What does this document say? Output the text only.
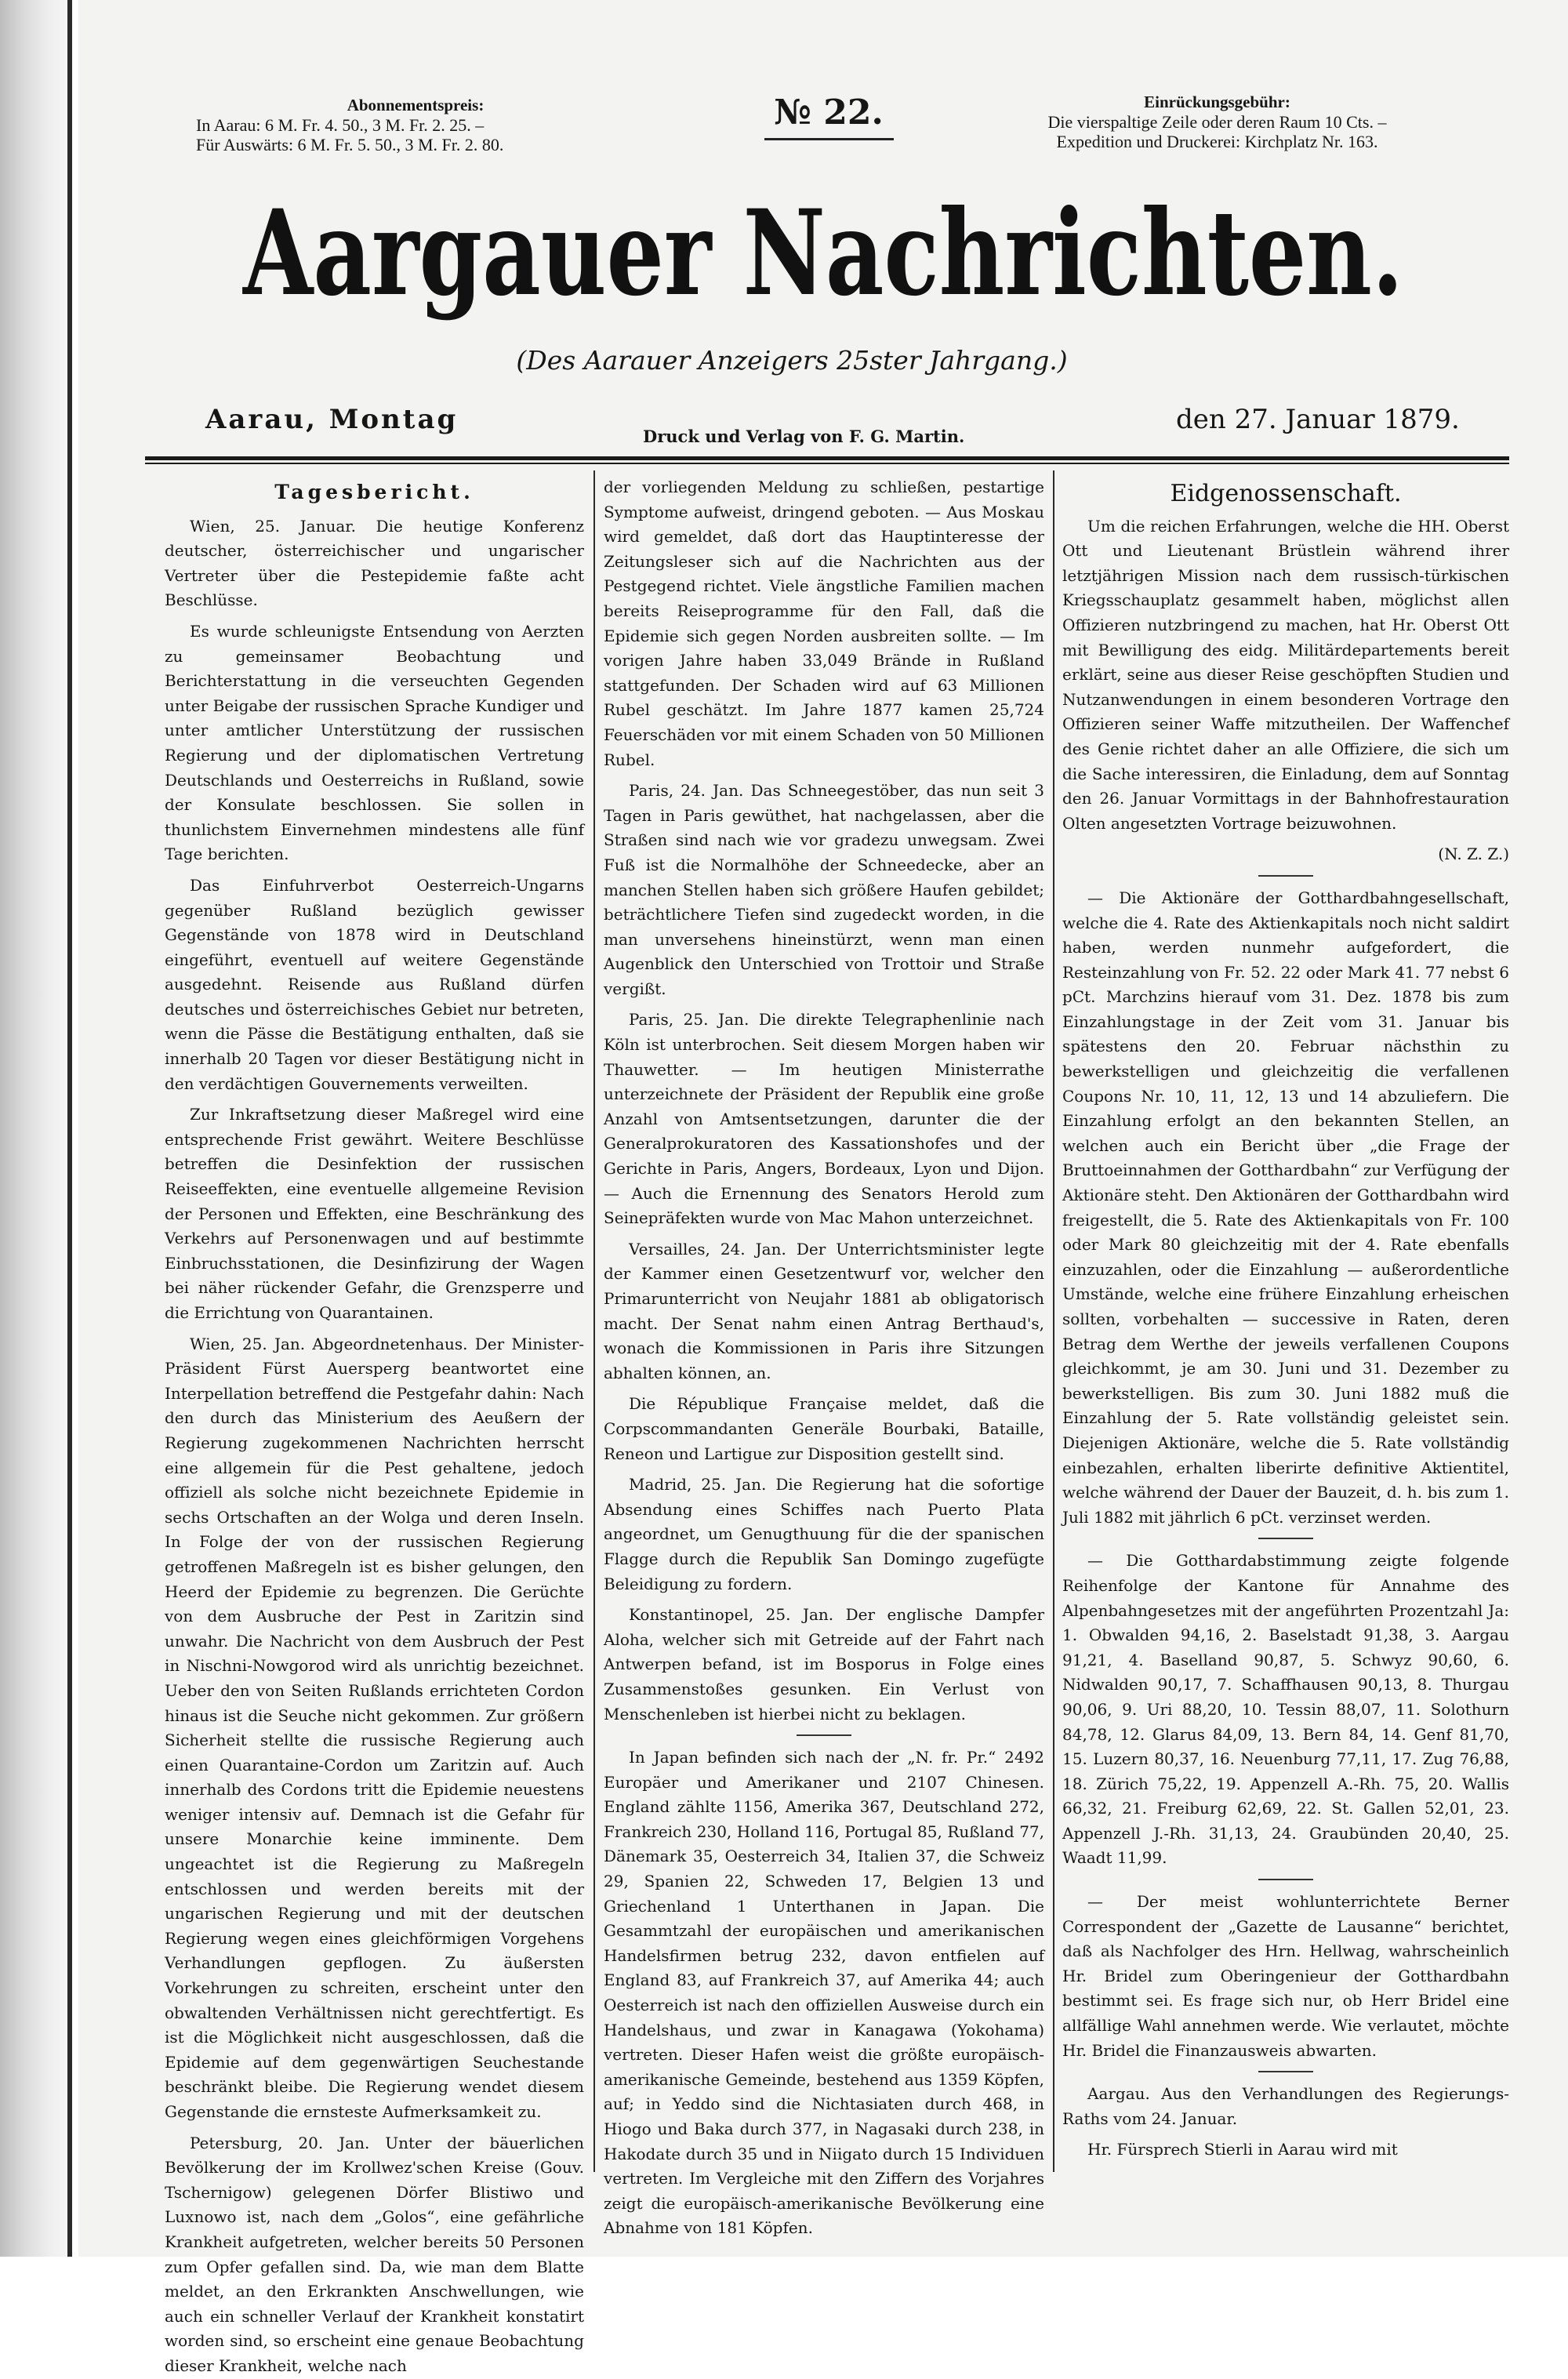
Abonnementspreis:
In Aarau: 6 M. Fr. 4. 50., 3 M. Fr. 2. 25. –
Für Auswärts: 6 M. Fr. 5. 50., 3 M. Fr. 2. 80.
№ 22.	Einrückungsgebühr:
Die vierspaltige Zeile oder deren Raum 10 Cts. –
Expedition und Druckerei: Kirchplatz Nr. 163.
Aargauer Nachrichten.
(Des Aarauer Anzeigers 25ster Jahrgang.)
Aarau, Montag
Druck und Verlag von F. G. Martin.
den 27. Januar 1879.

Tagesbericht.

Wien, 25. Januar. Die heutige Konferenz deutscher, österreichischer und ungarischer Vertreter über die Pestepidemie faßte acht Beschlüsse.

Es wurde schleunigste Entsendung von Aerzten zu gemeinsamer Beobachtung und Berichterstattung in die verseuchten Gegenden unter Beigabe der russischen Sprache Kundiger und unter amtlicher Unterstützung der russischen Regierung und der diplomatischen Vertretung Deutschlands und Oesterreichs in Rußland, sowie der Konsulate beschlossen. Sie sollen in thunlichstem Einvernehmen mindestens alle fünf Tage berichten.

Das Einfuhrverbot Oesterreich-Ungarns gegenüber Rußland bezüglich gewisser Gegenstände von 1878 wird in Deutschland eingeführt, eventuell auf weitere Gegenstände ausgedehnt. Reisende aus Rußland dürfen deutsches und österreichisches Gebiet nur betreten, wenn die Pässe die Bestätigung enthalten, daß sie innerhalb 20 Tagen vor dieser Bestätigung nicht in den verdächtigen Gouvernements verweilten.

Zur Inkraftsetzung dieser Maßregel wird eine entsprechende Frist gewährt. Weitere Beschlüsse betreffen die Desinfektion der russischen Reiseeffekten, eine eventuelle allgemeine Revision der Personen und Effekten, eine Beschränkung des Verkehrs auf Personenwagen und auf bestimmte Einbruchsstationen, die Desinfizirung der Wagen bei näher rückender Gefahr, die Grenzsperre und die Errichtung von Quarantainen.

Wien, 25. Jan. Abgeordnetenhaus. Der Minister-Präsident Fürst Auersperg beantwortet eine Interpellation betreffend die Pestgefahr dahin: Nach den durch das Ministerium des Aeußern der Regierung zugekommenen Nachrichten herrscht eine allgemein für die Pest gehaltene, jedoch offiziell als solche nicht bezeichnete Epidemie in sechs Ortschaften an der Wolga und deren Inseln. In Folge der von der russischen Regierung getroffenen Maßregeln ist es bisher gelungen, den Heerd der Epidemie zu begrenzen. Die Gerüchte von dem Ausbruche der Pest in Zaritzin sind unwahr. Die Nachricht von dem Ausbruch der Pest in Nischni-Nowgorod wird als unrichtig bezeichnet. Ueber den von Seiten Rußlands errichteten Cordon hinaus ist die Seuche nicht gekommen. Zur größern Sicherheit stellte die russische Regierung auch einen Quarantaine-Cordon um Zaritzin auf. Auch innerhalb des Cordons tritt die Epidemie neuestens weniger intensiv auf. Demnach ist die Gefahr für unsere Monarchie keine imminente. Dem ungeachtet ist die Regierung zu Maßregeln entschlossen und werden bereits mit der ungarischen Regierung und mit der deutschen Regierung wegen eines gleichförmigen Vorgehens Verhandlungen gepflogen. Zu äußersten Vorkehrungen zu schreiten, erscheint unter den obwaltenden Verhältnissen nicht gerechtfertigt. Es ist die Möglichkeit nicht ausgeschlossen, daß die Epidemie auf dem gegenwärtigen Seuchestande beschränkt bleibe. Die Regierung wendet diesem Gegenstande die ernsteste Aufmerksamkeit zu.

Petersburg, 20. Jan. Unter der bäuerlichen Bevölkerung der im Krollwez'schen Kreise (Gouv. Tschernigow) gelegenen Dörfer Blistiwo und Luxnowo ist, nach dem „Golos“, eine gefährliche Krankheit aufgetreten, welcher bereits 50 Personen zum Opfer gefallen sind. Da, wie man dem Blatte meldet, an den Erkrankten Anschwellungen, wie auch ein schneller Verlauf der Krankheit konstatirt worden sind, so erscheint eine genaue Beobachtung dieser Krankheit, welche nach

der vorliegenden Meldung zu schließen, pestartige Symptome aufweist, dringend geboten. — Aus Moskau wird gemeldet, daß dort das Hauptinteresse der Zeitungsleser sich auf die Nachrichten aus der Pestgegend richtet. Viele ängstliche Familien machen bereits Reiseprogramme für den Fall, daß die Epidemie sich gegen Norden ausbreiten sollte. — Im vorigen Jahre haben 33,049 Brände in Rußland stattgefunden. Der Schaden wird auf 63 Millionen Rubel geschätzt. Im Jahre 1877 kamen 25,724 Feuerschäden vor mit einem Schaden von 50 Millionen Rubel.

Paris, 24. Jan. Das Schneegestöber, das nun seit 3 Tagen in Paris gewüthet, hat nachgelassen, aber die Straßen sind nach wie vor gradezu unwegsam. Zwei Fuß ist die Normalhöhe der Schneedecke, aber an manchen Stellen haben sich größere Haufen gebildet; beträchtlichere Tiefen sind zugedeckt worden, in die man unversehens hineinstürzt, wenn man einen Augenblick den Unterschied von Trottoir und Straße vergißt.

Paris, 25. Jan. Die direkte Telegraphenlinie nach Köln ist unterbrochen. Seit diesem Morgen haben wir Thauwetter. — Im heutigen Ministerrathe unterzeichnete der Präsident der Republik eine große Anzahl von Amtsentsetzungen, darunter die der Generalprokuratoren des Kassationshofes und der Gerichte in Paris, Angers, Bordeaux, Lyon und Dijon. — Auch die Ernennung des Senators Herold zum Seinepräfekten wurde von Mac Mahon unterzeichnet.

Versailles, 24. Jan. Der Unterrichtsminister legte der Kammer einen Gesetzentwurf vor, welcher den Primarunterricht von Neujahr 1881 ab obligatorisch macht. Der Senat nahm einen Antrag Berthaud's, wonach die Kommissionen in Paris ihre Sitzungen abhalten können, an.

Die République Française meldet, daß die Corpscommandanten Generäle Bourbaki, Bataille, Reneon und Lartigue zur Disposition gestellt sind.

Madrid, 25. Jan. Die Regierung hat die sofortige Absendung eines Schiffes nach Puerto Plata angeordnet, um Genugthuung für die der spanischen Flagge durch die Republik San Domingo zugefügte Beleidigung zu fordern.

Konstantinopel, 25. Jan. Der englische Dampfer Aloha, welcher sich mit Getreide auf der Fahrt nach Antwerpen befand, ist im Bosporus in Folge eines Zusammenstoßes gesunken. Ein Verlust von Menschenleben ist hierbei nicht zu beklagen.

In Japan befinden sich nach der „N. fr. Pr.“ 2492 Europäer und Amerikaner und 2107 Chinesen. England zählte 1156, Amerika 367, Deutschland 272, Frankreich 230, Holland 116, Portugal 85, Rußland 77, Dänemark 35, Oesterreich 34, Italien 37, die Schweiz 29, Spanien 22, Schweden 17, Belgien 13 und Griechenland 1 Unterthanen in Japan. Die Gesammtzahl der europäischen und amerikanischen Handelsfirmen betrug 232, davon entfielen auf England 83, auf Frankreich 37, auf Amerika 44; auch Oesterreich ist nach den offiziellen Ausweise durch ein Handelshaus, und zwar in Kanagawa (Yokohama) vertreten. Dieser Hafen weist die größte europäisch-amerikanische Gemeinde, bestehend aus 1359 Köpfen, auf; in Yeddo sind die Nichtasiaten durch 468, in Hiogo und Baka durch 377, in Nagasaki durch 238, in Hakodate durch 35 und in Niigato durch 15 Individuen vertreten. Im Vergleiche mit den Ziffern des Vorjahres zeigt die europäisch-amerikanische Bevölkerung eine Abnahme von 181 Köpfen.

Eidgenossenschaft.

Um die reichen Erfahrungen, welche die HH. Oberst Ott und Lieutenant Brüstlein während ihrer letztjährigen Mission nach dem russisch-türkischen Kriegsschauplatz gesammelt haben, möglichst allen Offizieren nutzbringend zu machen, hat Hr. Oberst Ott mit Bewilligung des eidg. Militärdepartements bereit erklärt, seine aus dieser Reise geschöpften Studien und Nutzanwendungen in einem besonderen Vortrage den Offizieren seiner Waffe mitzutheilen. Der Waffenchef des Genie richtet daher an alle Offiziere, die sich um die Sache interessiren, die Einladung, dem auf Sonntag den 26. Januar Vormittags in der Bahnhofrestauration Olten angesetzten Vortrage beizuwohnen.

(N. Z. Z.)

— Die Aktionäre der Gotthardbahngesellschaft, welche die 4. Rate des Aktienkapitals noch nicht saldirt haben, werden nunmehr aufgefordert, die Resteinzahlung von Fr. 52. 22 oder Mark 41. 77 nebst 6 pCt. Marchzins hierauf vom 31. Dez. 1878 bis zum Einzahlungstage in der Zeit vom 31. Januar bis spätestens den 20. Februar nächsthin zu bewerkstelligen und gleichzeitig die verfallenen Coupons Nr. 10, 11, 12, 13 und 14 abzuliefern. Die Einzahlung erfolgt an den bekannten Stellen, an welchen auch ein Bericht über „die Frage der Bruttoeinnahmen der Gotthardbahn“ zur Verfügung der Aktionäre steht. Den Aktionären der Gotthardbahn wird freigestellt, die 5. Rate des Aktienkapitals von Fr. 100 oder Mark 80 gleichzeitig mit der 4. Rate ebenfalls einzuzahlen, oder die Einzahlung — außerordentliche Umstände, welche eine frühere Einzahlung erheischen sollten, vorbehalten — successive in Raten, deren Betrag dem Werthe der jeweils verfallenen Coupons gleichkommt, je am 30. Juni und 31. Dezember zu bewerkstelligen. Bis zum 30. Juni 1882 muß die Einzahlung der 5. Rate vollständig geleistet sein. Diejenigen Aktionäre, welche die 5. Rate vollständig einbezahlen, erhalten liberirte definitive Aktientitel, welche während der Dauer der Bauzeit, d. h. bis zum 1. Juli 1882 mit jährlich 6 pCt. verzinset werden.

— Die Gotthardabstimmung zeigte folgende Reihenfolge der Kantone für Annahme des Alpenbahngesetzes mit der angeführten Prozentzahl Ja: 1. Obwalden 94,16, 2. Baselstadt 91,38, 3. Aargau 91,21, 4. Baselland 90,87, 5. Schwyz 90,60, 6. Nidwalden 90,17, 7. Schaffhausen 90,13, 8. Thurgau 90,06, 9. Uri 88,20, 10. Tessin 88,07, 11. Solothurn 84,78, 12. Glarus 84,09, 13. Bern 84, 14. Genf 81,70, 15. Luzern 80,37, 16. Neuenburg 77,11, 17. Zug 76,88, 18. Zürich 75,22, 19. Appenzell A.-Rh. 75, 20. Wallis 66,32, 21. Freiburg 62,69, 22. St. Gallen 52,01, 23. Appenzell J.-Rh. 31,13, 24. Graubünden 20,40, 25. Waadt 11,99.

— Der meist wohlunterrichtete Berner Correspondent der „Gazette de Lausanne“ berichtet, daß als Nachfolger des Hrn. Hellwag, wahrscheinlich Hr. Bridel zum Oberingenieur der Gotthardbahn bestimmt sei. Es frage sich nur, ob Herr Bridel eine allfällige Wahl annehmen werde. Wie verlautet, möchte Hr. Bridel die Finanzausweis abwarten.

Aargau. Aus den Verhandlungen des Regierungs-Raths vom 24. Januar.

Hr. Fürsprech Stierli in Aarau wird mit
